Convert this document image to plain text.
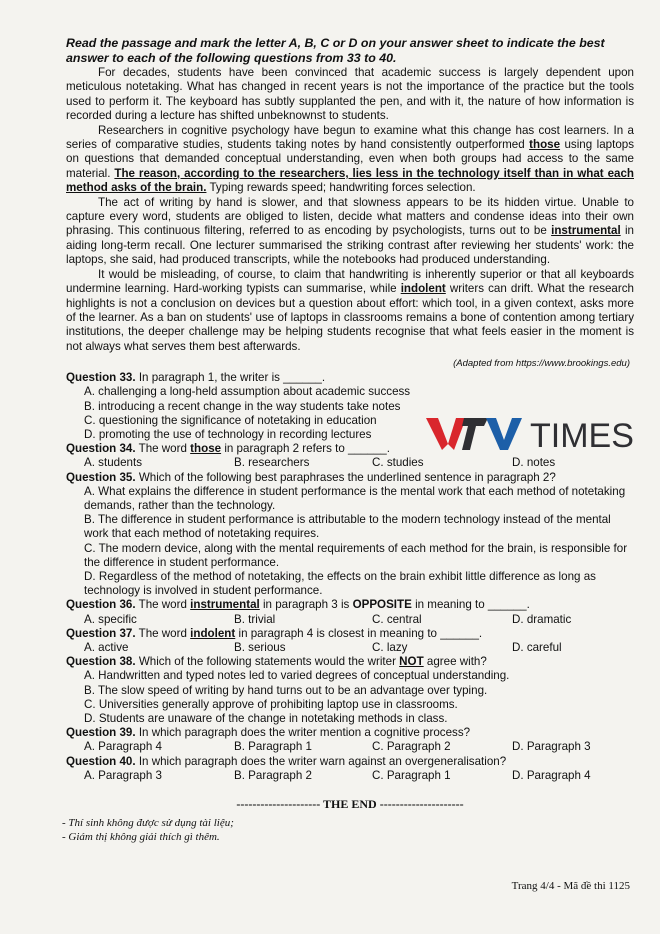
Read the passage and mark the letter A, B, C or D on your answer sheet to indicate the best answer to each of the following questions from 33 to 40.

For decades, students have been convinced that academic success is largely dependent upon meticulous notetaking. What has changed in recent years is not the importance of the practice but the tools used to perform it. The keyboard has subtly supplanted the pen, and with it, the nature of how information is recorded during a lecture has shifted unbeknownst to students.

Researchers in cognitive psychology have begun to examine what this change has cost learners. In a series of comparative studies, students taking notes by hand consistently outperformed those using laptops on questions that demanded conceptual understanding, even when both groups had access to the same material. The reason, according to the researchers, lies less in the technology itself than in what each method asks of the brain. Typing rewards speed; handwriting forces selection.

The act of writing by hand is slower, and that slowness appears to be its hidden virtue. Unable to capture every word, students are obliged to listen, decide what matters and condense ideas into their own phrasing. This continuous filtering, referred to as encoding by psychologists, turns out to be instrumental in aiding long-term recall. One lecturer summarised the striking contrast after reviewing her students' work: the laptops, she said, had produced transcripts, while the notebooks had produced understanding.

It would be misleading, of course, to claim that handwriting is inherently superior or that all keyboards undermine learning. Hard-working typists can summarise, while indolent writers can drift. What the research highlights is not a conclusion on devices but a question about effort: which tool, in a given context, asks more of the learner. As a ban on students' use of laptops in classrooms remains a bone of contention among tertiary institutions, the deeper challenge may be helping students recognise that what feels easier in the moment is not always what serves them best afterwards.

(Adapted from https://www.brookings.edu)
Question 33. In paragraph 1, the writer is ______.
A. challenging a long-held assumption about academic success
B. introducing a recent change in the way students take notes
C. questioning the significance of notetaking in education
D. promoting the use of technology in recording lectures
Question 34. The word those in paragraph 2 refers to ______.
A. students	B. researchers	C. studies	D. notes
Question 35. Which of the following best paraphrases the underlined sentence in paragraph 2?
A. What explains the difference in student performance is the mental work that each method of notetaking demands, rather than the technology.
B. The difference in student performance is attributable to the modern technology instead of the mental work that each method of notetaking requires.
C. The modern device, along with the mental requirements of each method for the brain, is responsible for the difference in student performance.
D. Regardless of the method of notetaking, the effects on the brain exhibit little difference as long as technology is involved in student performance.
Question 36. The word instrumental in paragraph 3 is OPPOSITE in meaning to ______.
A. specific	B. trivial	C. central	D. dramatic
Question 37. The word indolent in paragraph 4 is closest in meaning to ______.
A. active	B. serious	C. lazy	D. careful
Question 38. Which of the following statements would the writer NOT agree with?
A. Handwritten and typed notes led to varied degrees of conceptual understanding.
B. The slow speed of writing by hand turns out to be an advantage over typing.
C. Universities generally approve of prohibiting laptop use in classrooms.
D. Students are unaware of the change in notetaking methods in class.
Question 39. In which paragraph does the writer mention a cognitive process?
A. Paragraph 4	B. Paragraph 1	C. Paragraph 2	D. Paragraph 3
Question 40. In which paragraph does the writer warn against an overgeneralisation?
A. Paragraph 3	B. Paragraph 2	C. Paragraph 1	D. Paragraph 4
--------------------- THE END ---------------------
- Thí sinh không được sử dụng tài liệu;
- Giám thị không giải thích gì thêm.
TIMES
Trang 4/4 - Mã đề thi 1125
